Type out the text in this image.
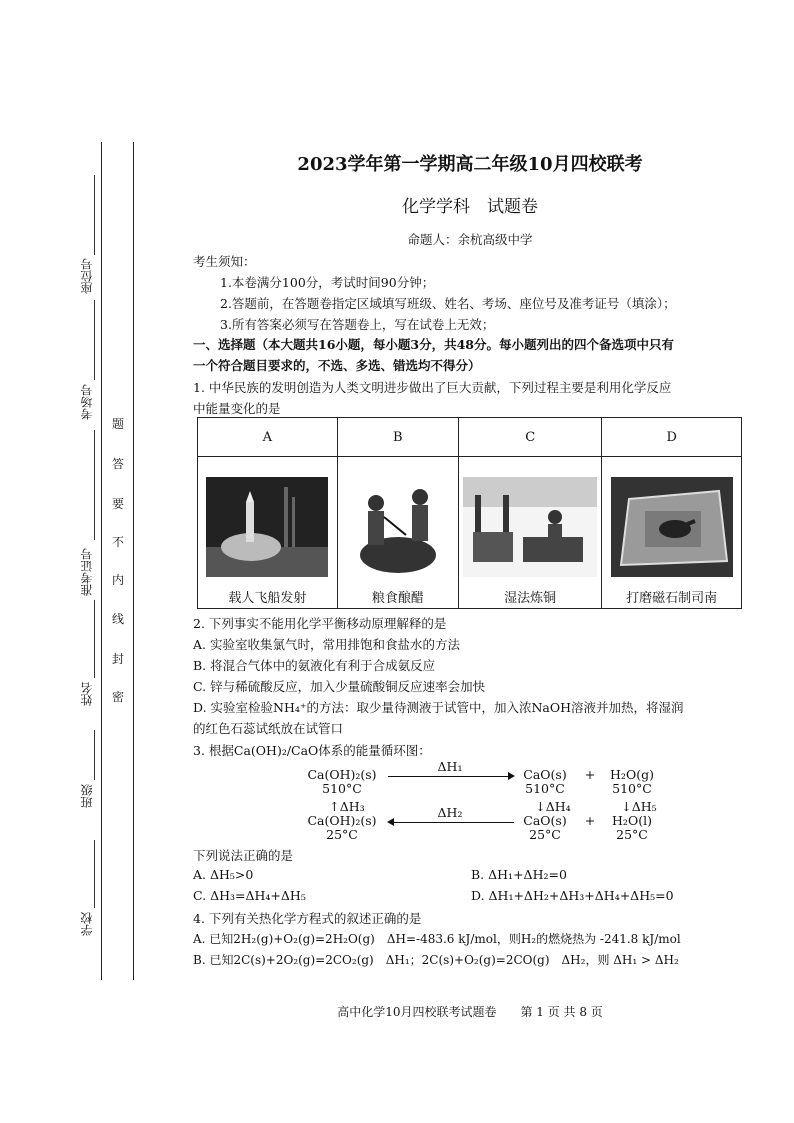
座位号
考场号
准考证号
姓名
班级
学校
题
答
要
不
内
线
封
密
2023学年第一学期高二年级10月四校联考
化学学科　试题卷
命题人：余杭高级中学
考生须知：
1.本卷满分100分，考试时间90分钟；
2.答题前，在答题卷指定区域填写班级、姓名、考场、座位号及准考证号（填涂）；
3.所有答案必须写在答题卷上，写在试卷上无效；
一、选择题（本大题共16小题，每小题3分，共48分。每小题列出的四个备选项中只有
一个符合题目要求的，不选、多选、错选均不得分）
1. 中华民族的发明创造为人类文明进步做出了巨大贡献，下列过程主要是利用化学反应
中能量变化的是
A	B	C	D

载人飞船发射	粮食酿醋	湿法炼铜	打磨磁石制司南
2. 下列事实不能用化学平衡移动原理解释的是
A. 实验室收集氯气时，常用排饱和食盐水的方法
B. 将混合气体中的氨液化有利于合成氨反应
C. 锌与稀硫酸反应，加入少量硫酸铜反应速率会加快
D. 实验室检验NH₄⁺的方法：取少量待测液于试管中，加入浓NaOH溶液并加热，将湿润
的红色石蕊试纸放在试管口
3. 根据Ca(OH)₂/CaO体系的能量循环图：
Ca(OH)₂(s)
510°C
ΔH₁
CaO(s)
510°C
+	H₂O(g)
510°C
↑ΔH₃	↓ΔH₄	↓ΔH₅
Ca(OH)₂(s)
25°C
ΔH₂
CaO(s)
25°C
+	H₂O(l)
25°C
下列说法正确的是
A. ΔH₅>0	B. ΔH₁+ΔH₂=0
C. ΔH₃=ΔH₄+ΔH₅	D. ΔH₁+ΔH₂+ΔH₃+ΔH₄+ΔH₅=0
4. 下列有关热化学方程式的叙述正确的是
A. 已知2H₂(g)+O₂(g)=2H₂O(g)　ΔH=-483.6 kJ/mol，则H₂的燃烧热为 -241.8 kJ/mol
B. 已知2C(s)+2O₂(g)=2CO₂(g)　ΔH₁；2C(s)+O₂(g)=2CO(g)　ΔH₂，则 ΔH₁ > ΔH₂
高中化学10月四校联考试题卷　　第 1 页 共 8 页
